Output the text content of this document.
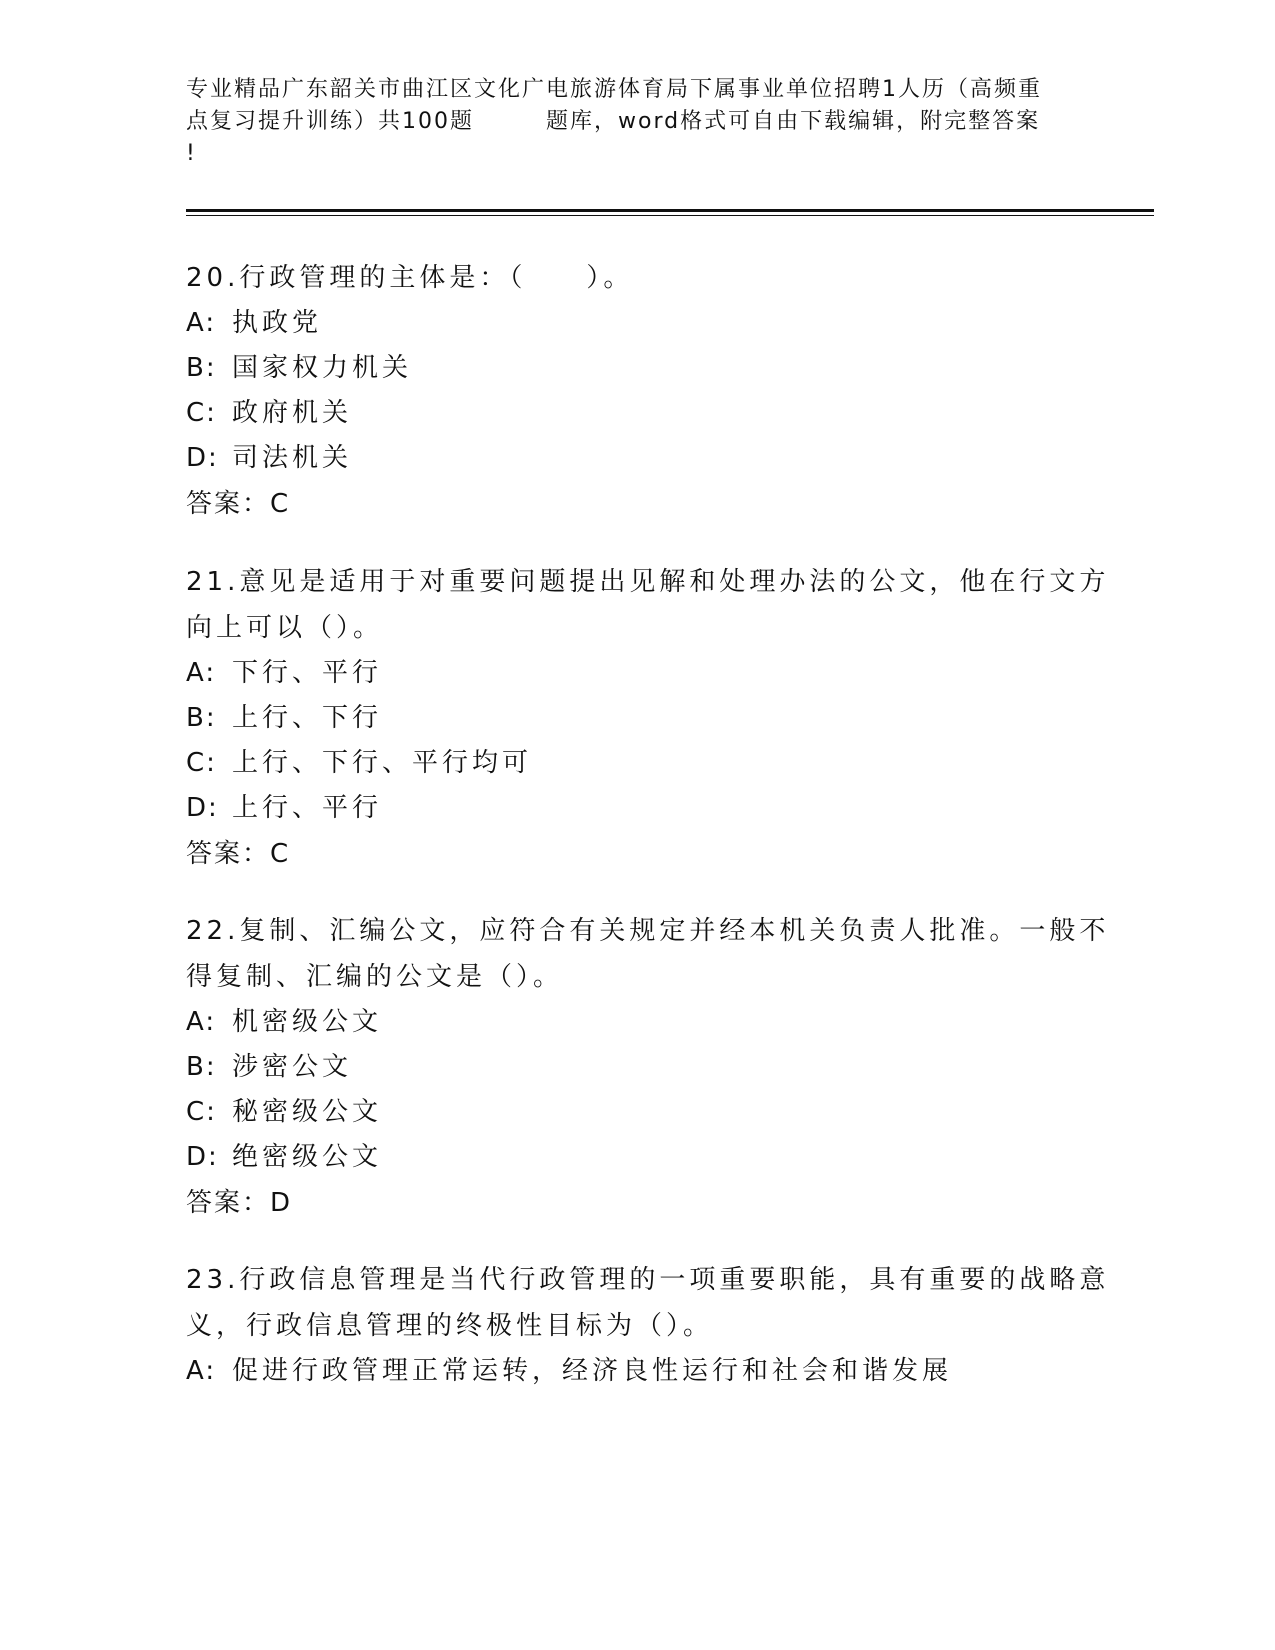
专业精品广东韶关市曲江区文化广电旅游体育局下属事业单位招聘1人历（高频重
点复习提升训练）共100题	题库，word格式可自由下载编辑，附完整答案
!
20.行政管理的主体是：（　　）。
A: 执政党
B: 国家权力机关
C: 政府机关
D: 司法机关
答案：C
21.意见是适用于对重要问题提出见解和处理办法的公文，他在行文方
向上可以（）。
A: 下行、平行
B: 上行、下行
C: 上行、下行、平行均可
D: 上行、平行
答案：C
22.复制、汇编公文，应符合有关规定并经本机关负责人批准。一般不
得复制、汇编的公文是（）。
A: 机密级公文
B: 涉密公文
C: 秘密级公文
D: 绝密级公文
答案：D
23.行政信息管理是当代行政管理的一项重要职能，具有重要的战略意
义，行政信息管理的终极性目标为（）。
A: 促进行政管理正常运转，经济良性运行和社会和谐发展
